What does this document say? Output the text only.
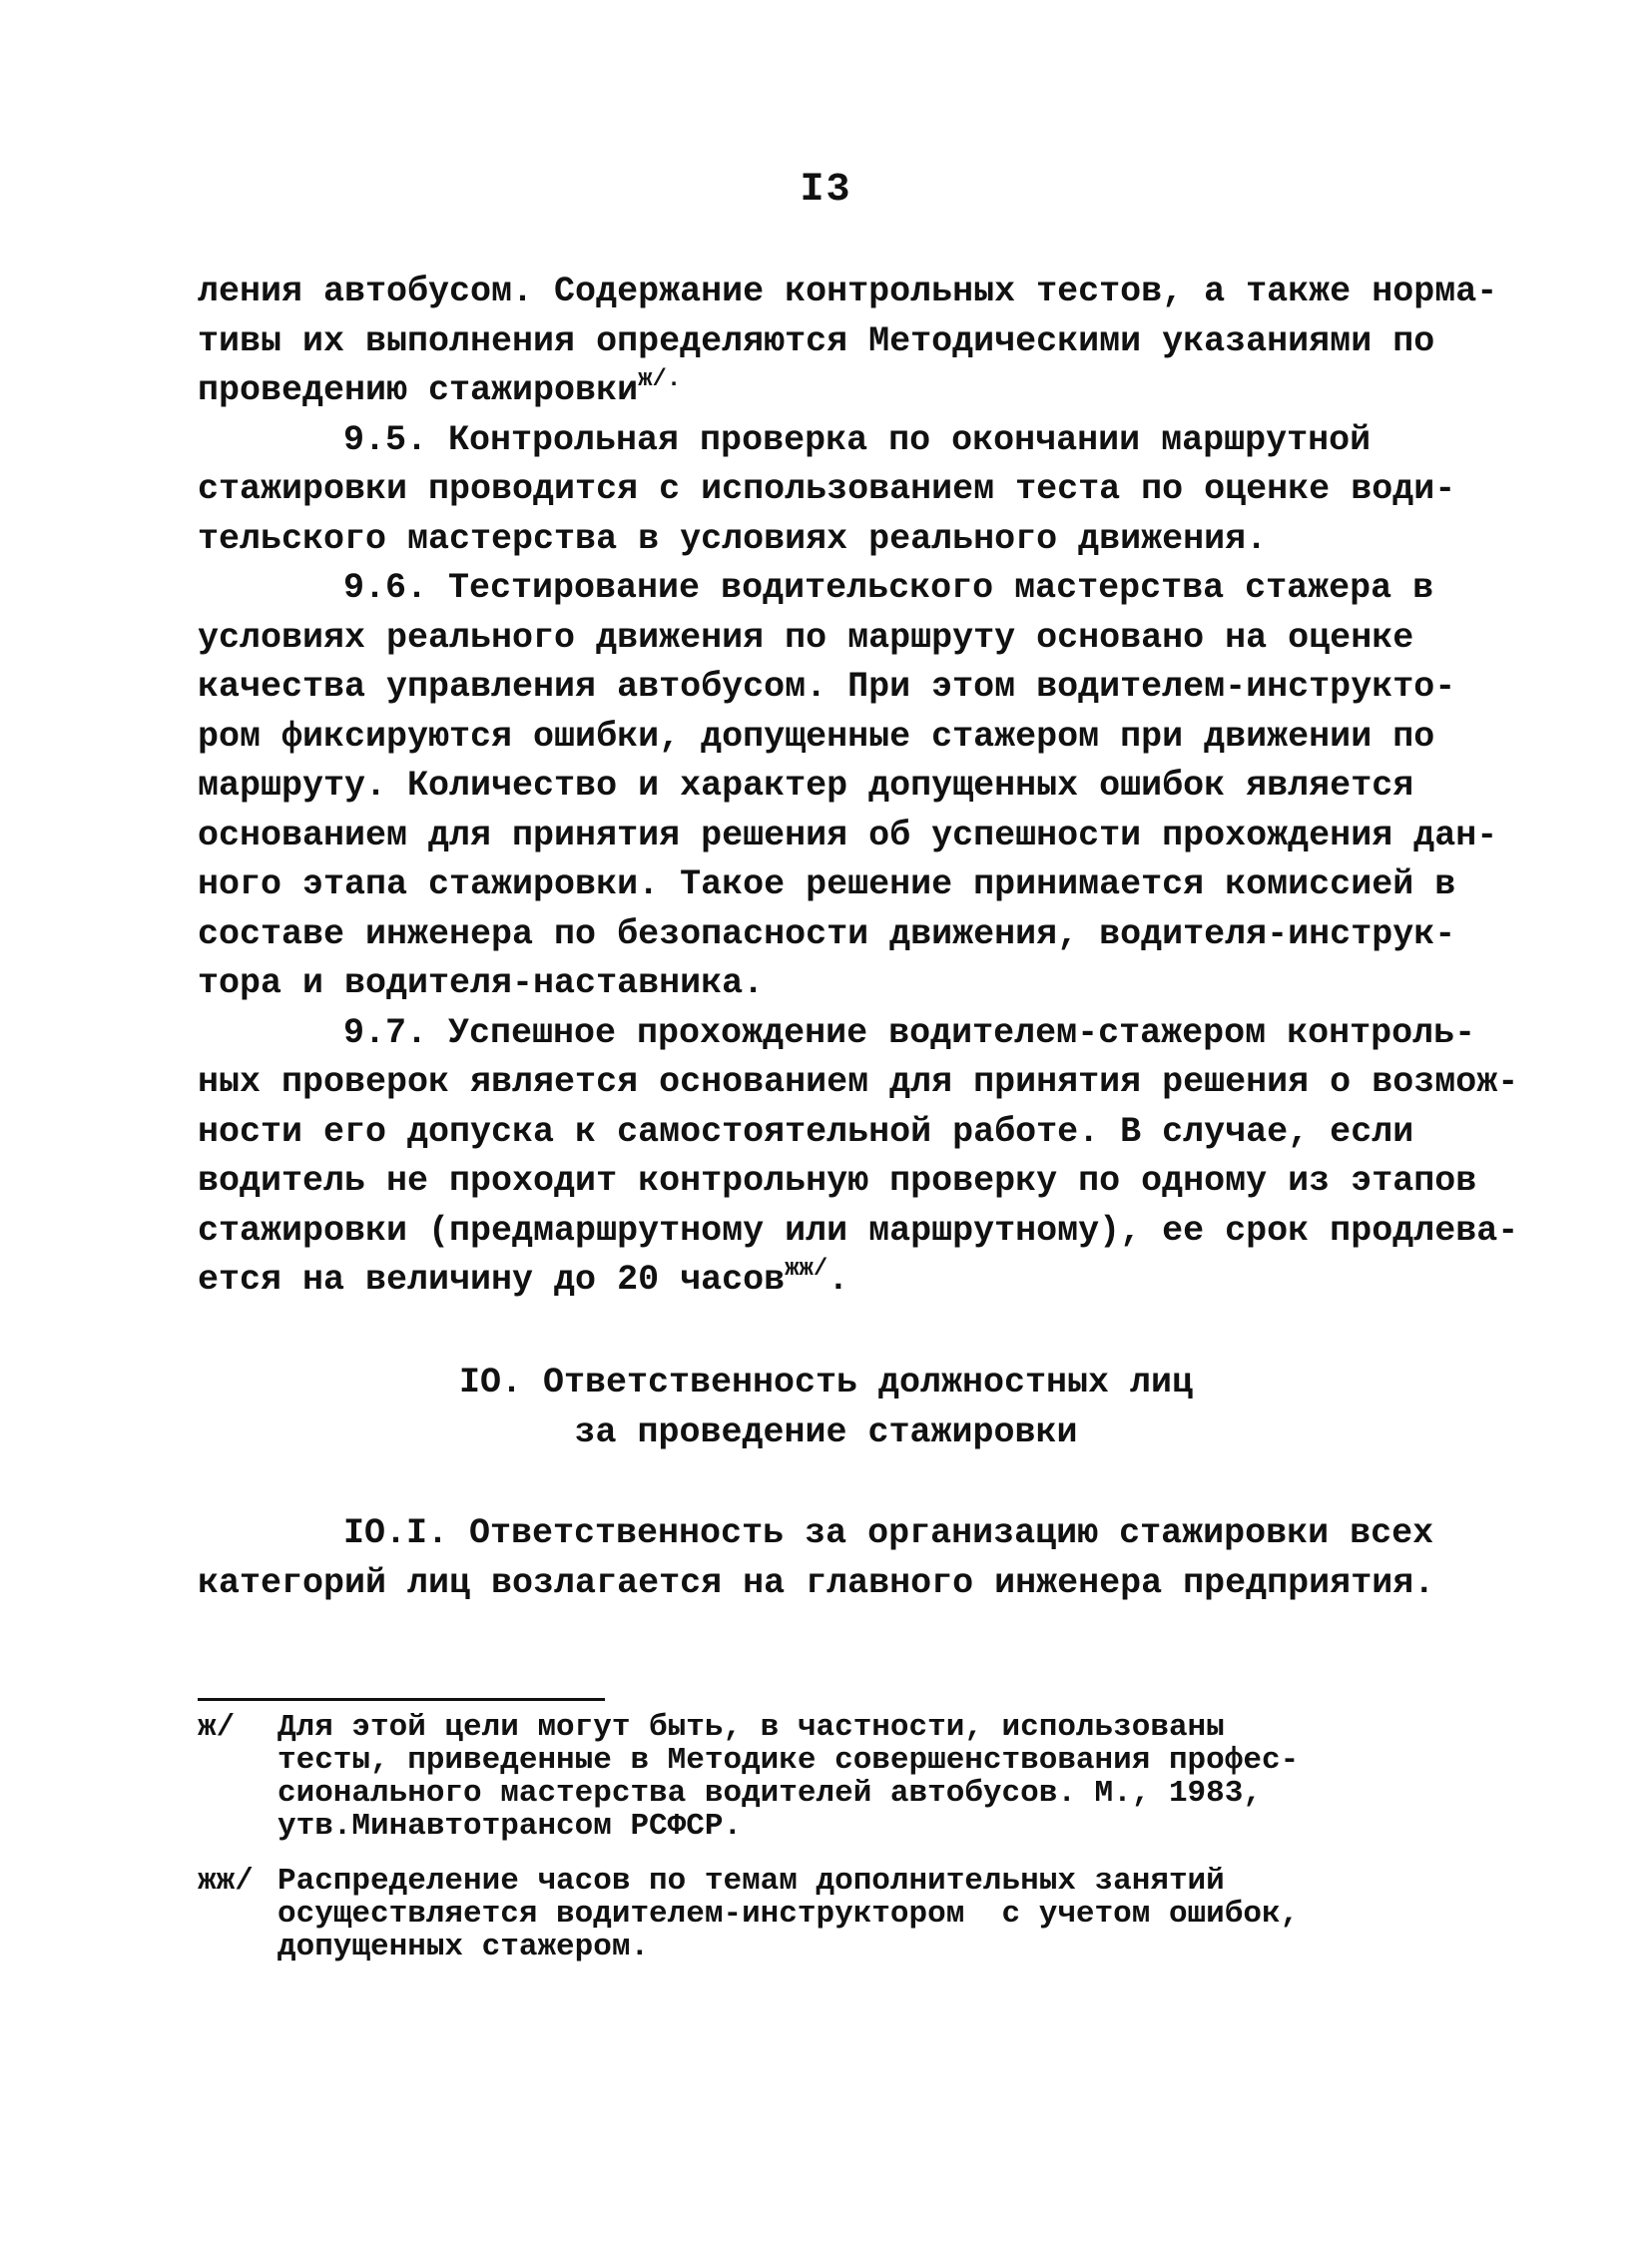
I3
ления автобусом. Содержание контрольных тестов, а также норма-
тивы их выполнения определяются Методическими указаниями по
проведению стажировки$^{ж/.}$
9.5. Контрольная проверка по окончании маршрутной
стажировки проводится с использованием теста по оценке води-
тельского мастерства в условиях реального движения.
9.6. Тестирование водительского мастерства стажера в
условиях реального движения по маршруту основано на оценке
качества управления автобусом. При этом водителем-инструкто-
ром фиксируются ошибки, допущенные стажером при движении по
маршруту. Количество и характер допущенных ошибок является
основанием для принятия решения об успешности прохождения дан-
ного этапа стажировки. Такое решение принимается комиссией в
составе инженера по безопасности движения, водителя-инструк-
тора и водителя-наставника.
9.7. Успешное прохождение водителем-стажером контроль-
ных проверок является основанием для принятия решения о возмож-
ности его допуска к самостоятельной работе. В случае, если
водитель не проходит контрольную проверку по одному из этапов
стажировки (предмаршрутному или маршрутному), ее срок продлева-
ется на величину до 20 часов$^{жж/}$.
IO. Ответственность должностных лиц
за проведение стажировки
IO.I. Ответственность за организацию стажировки всех
категорий лиц возлагается на главного инженера предприятия.
ж/ Для этой цели могут быть, в частности, использованы
тесты, приведенные в Методике совершенствования профес-
сионального мастерства водителей автобусов. М., 1983,
утв.Минавтотрансом РСФСР.
жж/ Распределение часов по темам дополнительных занятий
осуществляется водителем-инструктором  с учетом ошибок,
допущенных стажером.
